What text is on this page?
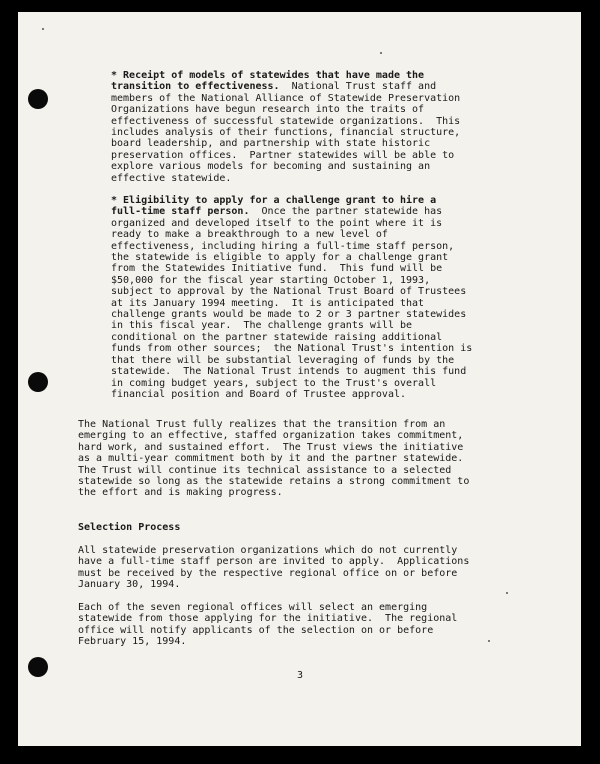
* Receipt of models of statewides that have made the
transition to effectiveness.  National Trust staff and
members of the National Alliance of Statewide Preservation
Organizations have begun research into the traits of
effectiveness of successful statewide organizations.  This
includes analysis of their functions, financial structure,
board leadership, and partnership with state historic
preservation offices.  Partner statewides will be able to
explore various models for becoming and sustaining an
effective statewide.

* Eligibility to apply for a challenge grant to hire a
full-time staff person.  Once the partner statewide has
organized and developed itself to the point where it is
ready to make a breakthrough to a new level of
effectiveness, including hiring a full-time staff person,
the statewide is eligible to apply for a challenge grant
from the Statewides Initiative fund.  This fund will be
$50,000 for the fiscal year starting October 1, 1993,
subject to approval by the National Trust Board of Trustees
at its January 1994 meeting.  It is anticipated that
challenge grants would be made to 2 or 3 partner statewides
in this fiscal year.  The challenge grants will be
conditional on the partner statewide raising additional
funds from other sources;  the National Trust's intention is
that there will be substantial leveraging of funds by the
statewide.  The National Trust intends to augment this fund
in coming budget years, subject to the Trust's overall
financial position and Board of Trustee approval.

The National Trust fully realizes that the transition from an
emerging to an effective, staffed organization takes commitment,
hard work, and sustained effort.  The Trust views the initiative
as a multi-year commitment both by it and the partner statewide.
The Trust will continue its technical assistance to a selected
statewide so long as the statewide retains a strong commitment to
the effort and is making progress.

Selection Process

All statewide preservation organizations which do not currently
have a full-time staff person are invited to apply.  Applications
must be received by the respective regional office on or before
January 30, 1994.

Each of the seven regional offices will select an emerging
statewide from those applying for the initiative.  The regional
office will notify applicants of the selection on or before
February 15, 1994.

3
